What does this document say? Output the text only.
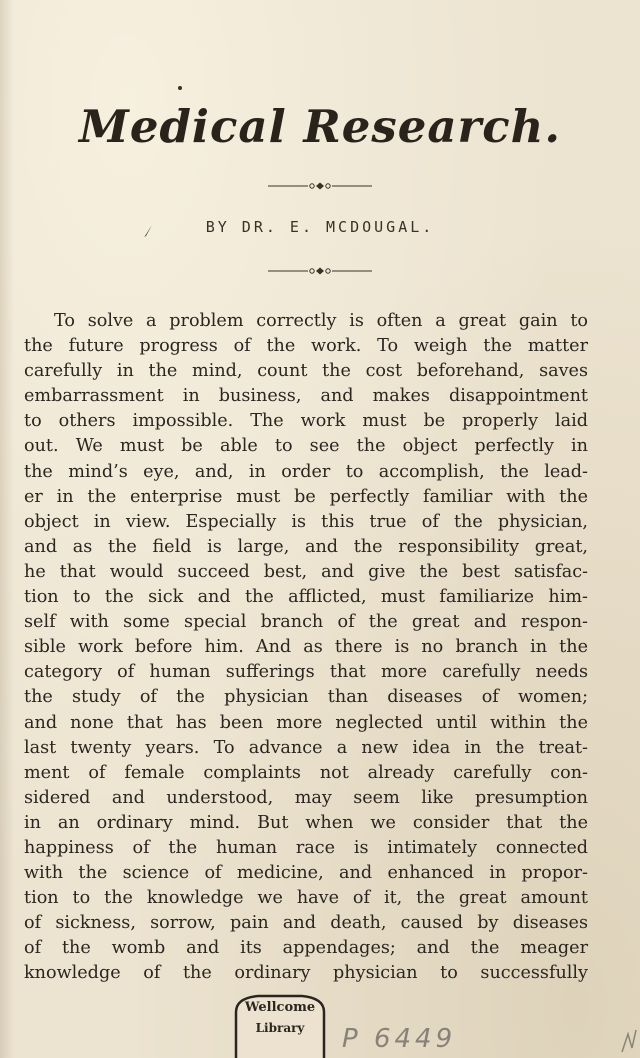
Medical Research.
BY DR. E. MCDOUGAL.
To solve a problem correctly is often a great gain to
the future progress of the work. To weigh the matter
carefully in the mind, count the cost beforehand, saves
embarrassment in business, and makes disappointment
to others impossible. The work must be properly laid
out. We must be able to see the object perfectly in
the mind’s eye, and, in order to accomplish, the lead-
er in the enterprise must be perfectly familiar with the
object in view. Especially is this true of the physician,
and as the field is large, and the responsibility great,
he that would succeed best, and give the best satisfac-
tion to the sick and the afflicted, must familiarize him-
self with some special branch of the great and respon-
sible work before him. And as there is no branch in the
category of human sufferings that more carefully needs
the study of the physician than diseases of women;
and none that has been more neglected until within the
last twenty years. To advance a new idea in the treat-
ment of female complaints not already carefully con-
sidered and understood, may seem like presumption
in an ordinary mind. But when we consider that the
happiness of the human race is intimately connected
with the science of medicine, and enhanced in propor-
tion to the knowledge we have of it, the great amount
of sickness, sorrow, pain and death, caused by diseases
of the womb and its appendages; and the meager
knowledge of the ordinary physician to successfully
Wellcome
Library	P 6449
